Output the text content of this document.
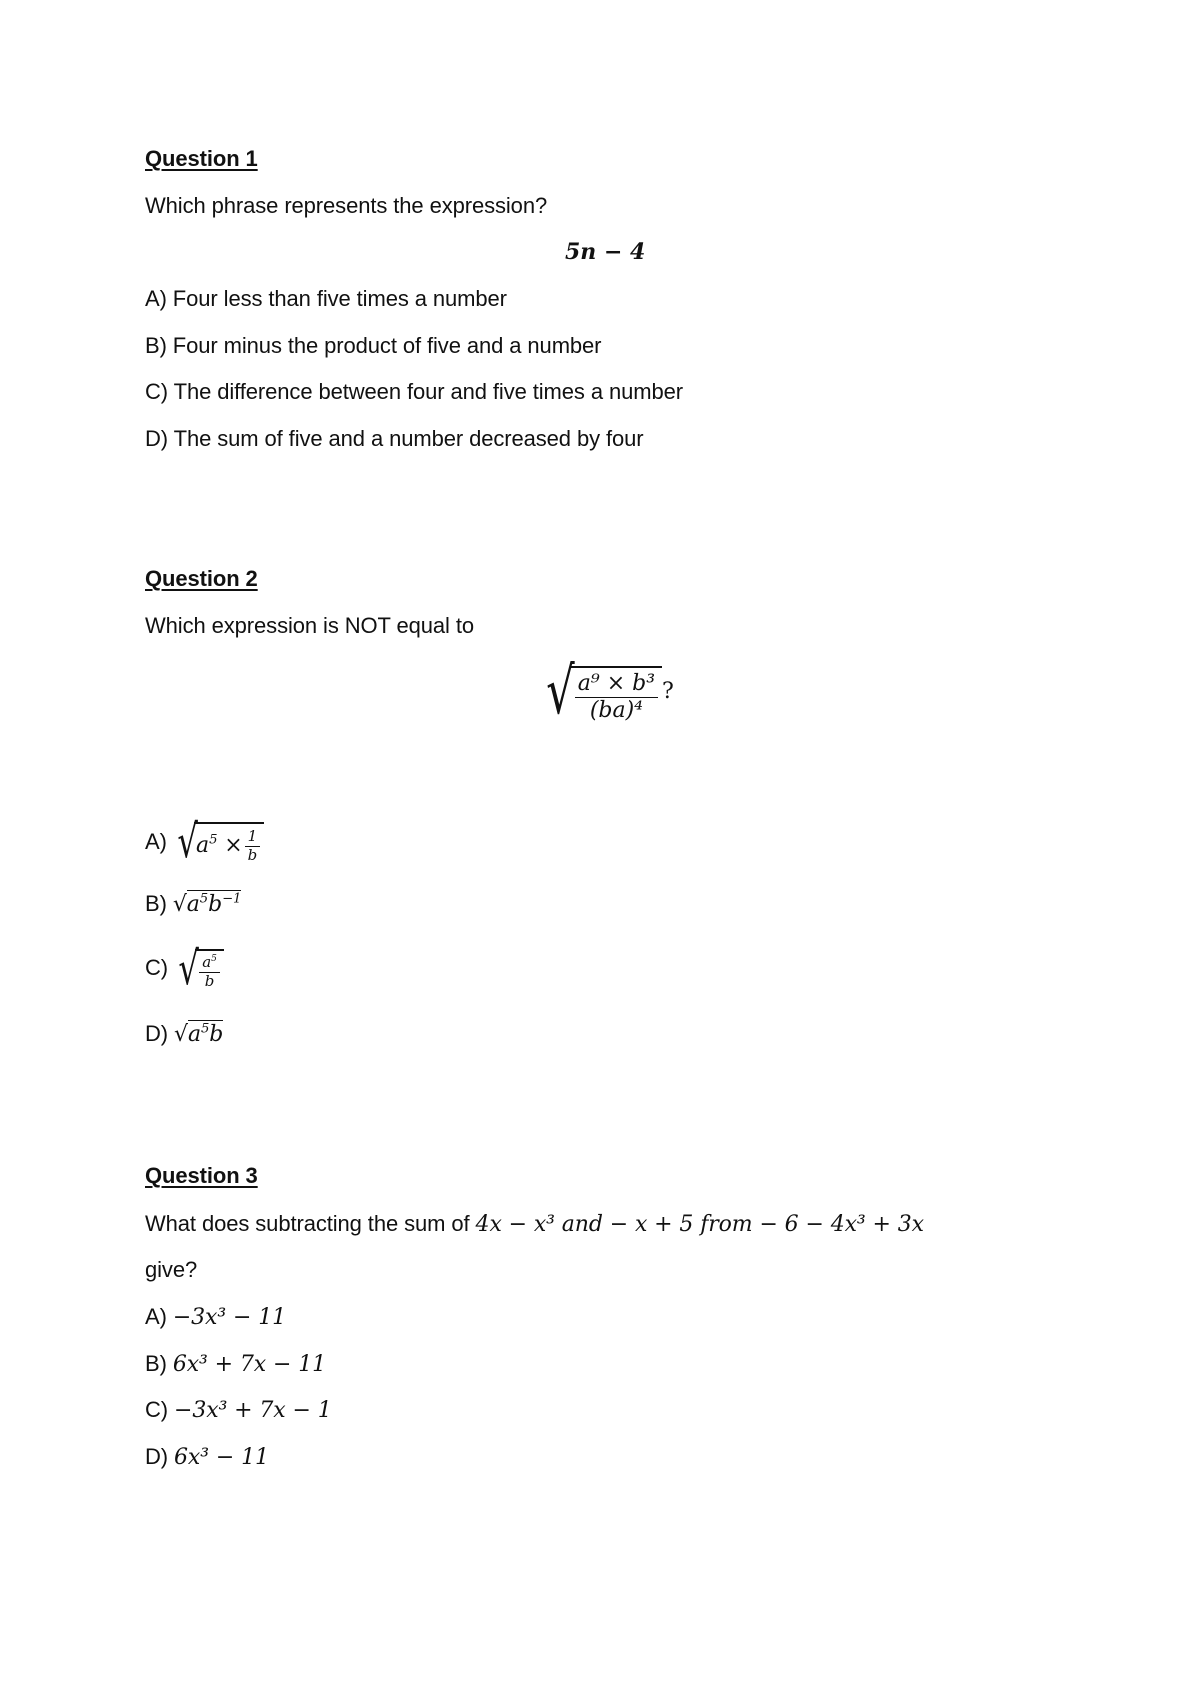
Question 1
Which phrase represents the expression?
5n − 4
A) Four less than five times a number
B) Four minus the product of five and a number
C) The difference between four and five times a number
D) The sum of five and a number decreased by four
Question 2
Which expression is NOT equal to
√ $\frac{\text{a⁹ × b³}}{\text{(ba)⁴}}$ ?
A) √
$a^5 \times \frac{1}{b}$
B) $√a^5b^{-1}$
C) √ $\frac{a^5}{b}$
D) $√a^5b$
Question 3
What does subtracting the sum of 4x − x³ and − x + 5 from − 6 − 4x³ + 3x
give?
A) −3x³ − 11
B) 6x³ + 7x − 11
C) −3x³ + 7x − 1
D) 6x³ − 11
